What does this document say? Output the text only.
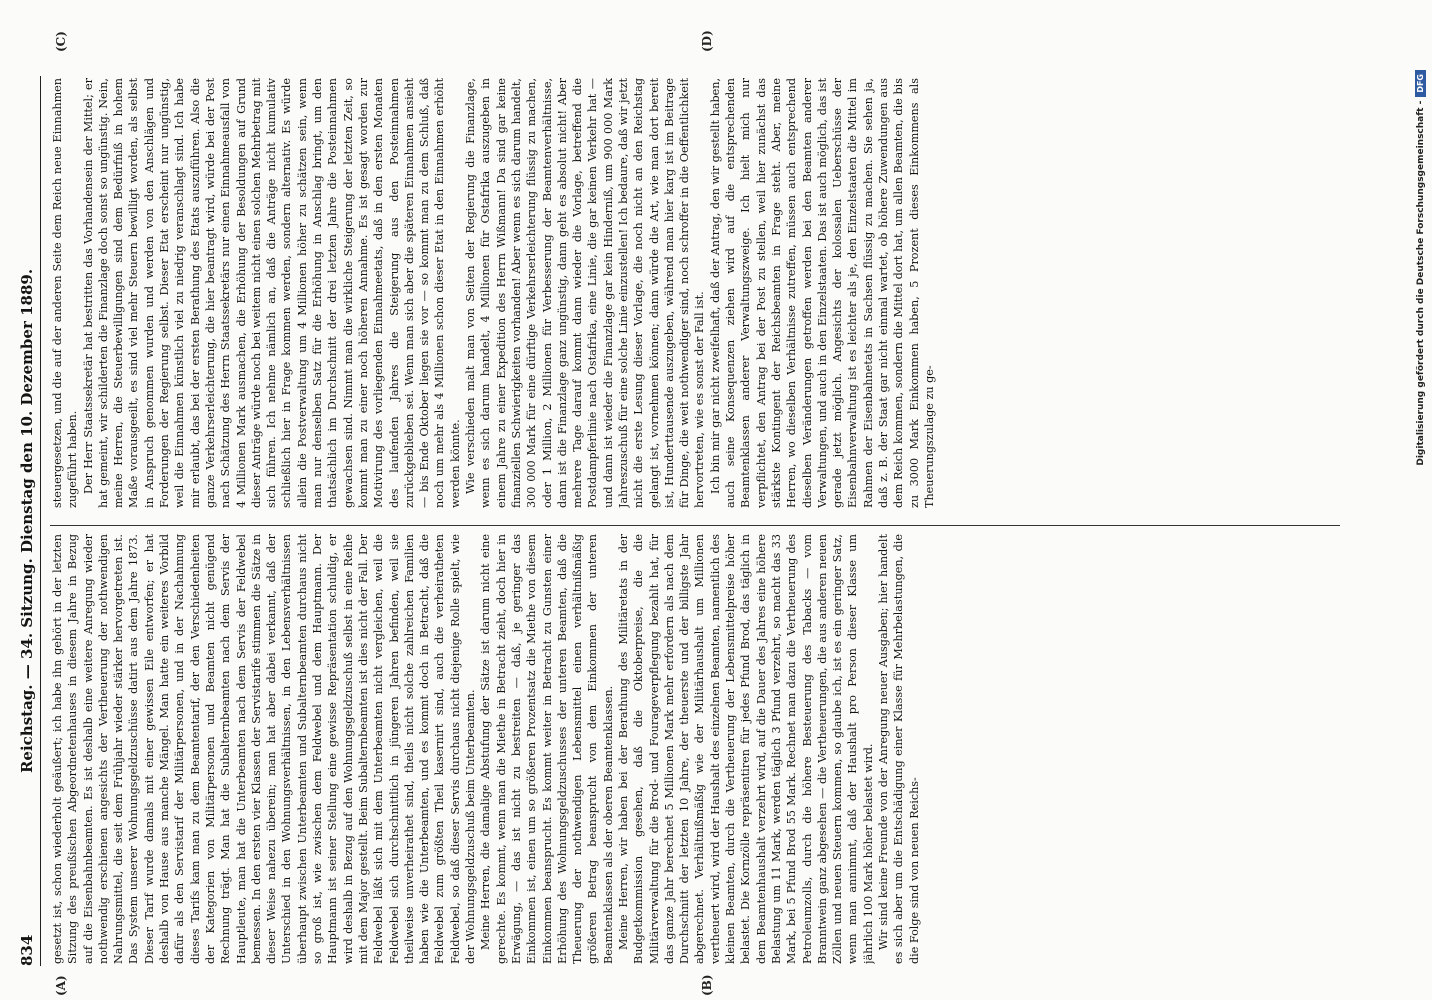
834
Reichstag. — 34. Sitzung. Dienstag den 10. Dezember 1889.
(A)	(B)
(C)	(D)

gesetzt ist, schon wiederholt geäußert; ich habe ihn gehört in der letzten Sitzung des preußischen Abgeordnetenhauses in diesem Jahre in Bezug auf die Eisenbahnbeamten. Es ist deshalb eine weitere Anregung wieder nothwendig erschienen angesichts der Vertheuerung der nothwendigen Nahrungsmittel, die seit dem Frühjahr wieder stärker hervorgetreten ist. Das System unserer Wohnungsgeldzuschüsse datirt aus dem Jahre 1873. Dieser Tarif wurde damals mit einer gewissen Eile entworfen; er hat deshalb von Hause aus manche Mängel. Man hatte ein weiteres Vorbild dafür als den Servistarif der Militärpersonen, und in der Nachahmung dieses Tarifs kam man zu dem Beamtentarif, der den Verschiedenheiten der Kategorien von Militärpersonen und Beamten nicht genügend Rechnung trägt. Man hat die Subalternbeamten nach dem Servis der Hauptleute, man hat die Unterbeamten nach dem Servis der Feldwebel bemessen. In den ersten vier Klassen der Servistarife stimmen die Sätze in dieser Weise nahezu überein; man hat aber dabei verkannt, daß der Unterschied in den Wohnungsverhältnissen, in den Lebensverhältnissen überhaupt zwischen Unterbeamten und Subalternbeamten durchaus nicht so groß ist, wie zwischen dem Feldwebel und dem Hauptmann. Der Hauptmann ist seiner Stellung eine gewisse Repräsentation schuldig, er wird deshalb in Bezug auf den Wohnungsgeldzuschuß selbst in eine Reihe mit dem Major gestellt. Beim Subalternbeamten ist dies nicht der Fall. Der Feldwebel läßt sich mit dem Unterbeamten nicht vergleichen, weil die Feldwebel sich durchschnittlich in jüngeren Jahren befinden, weil sie theilweise unverheirathet sind, theils nicht solche zahlreichen Familien haben wie die Unterbeamten, und es kommt doch in Betracht, daß die Feldwebel zum größten Theil kasernirt sind, auch die verheiratheten Feldwebel, so daß dieser Servis durchaus nicht diejenige Rolle spielt, wie der Wohnungsgeldzuschuß beim Unterbeamten. Meine Herren, die damalige Abstufung der Sätze ist darum nicht eine gerechte. Es kommt, wenn man die Miethe in Betracht zieht, doch hier in Erwägung, — das ist nicht zu bestreiten — daß, je geringer das Einkommen ist, einen um so größeren Prozentsatz die Miethe von diesem Einkommen beansprucht. Es kommt weiter in Betracht zu Gunsten einer Erhöhung des Wohnungsgeldzuschusses der unteren Beamten, daß die Theuerung der nothwendigen Lebensmittel einen verhältnißmäßig größeren Betrag beansprucht von dem Einkommen der unteren Beamtenklassen als der oberen Beamtenklassen. Meine Herren, wir haben bei der Berathung des Militäretats in der Budgetkommission gesehen, daß die Oktoberpreise, die die Militärverwaltung für die Brod- und Fourageverpflegung bezahlt hat, für das ganze Jahr berechnet 5 Millionen Mark mehr erfordern als nach dem Durchschnitt der letzten 10 Jahre, der theuerste und der billigste Jahr abgerechnet. Verhältnißmäßig wie der Militärhaushalt um Millionen vertheuert wird, wird der Haushalt des einzelnen Beamten, namentlich des kleinen Beamten, durch die Vertheuerung der Lebensmittelpreise höher belastet. Die Kornzölle repräsentiren für jedes Pfund Brod, das täglich in dem Beamtenhaushalt verzehrt wird, auf die Dauer des Jahres eine höhere Belastung um 11 Mark, werden täglich 3 Pfund verzehrt, so macht das 33 Mark, bei 5 Pfund Brod 55 Mark. Rechnet man dazu die Vertheuerung des Petroleumzolls, durch die höhere Besteuerung des Tabacks — vom Branntwein ganz abgesehen — die Vertheuerungen, die aus anderen neuen Zöllen und neuen Steuern kommen, so glaube ich, ist es ein geringer Satz, wenn man annimmt, daß der Haushalt pro Person dieser Klasse um jährlich 100 Mark höher belastet wird. Wir sind keine Freunde von der Anregung neuer Ausgaben; hier handelt es sich aber um die Entschädigung einer Klasse für Mehrbelastungen, die die Folge sind von neuen Reichs-

steuergesetzen, und die auf der anderen Seite dem Reich neue Einnahmen zugeführt haben. Der Herr Staatssekretär hat bestritten das Vorhandensein der Mittel; er hat gemeint, wir schilderten die Finanzlage doch sonst so ungünstig. Nein, meine Herren, die Steuerbewilligungen sind dem Bedürfniß in hohem Maße vorausgeeilt, es sind viel mehr Steuern bewilligt worden, als selbst in Anspruch genommen wurden und werden von den Anschlägen und Forderungen der Regierung selbst. Dieser Etat erscheint nur ungünstig, weil die Einnahmen künstlich viel zu niedrig veranschlagt sind. Ich habe mir erlaubt, das bei der ersten Berathung des Etats auszuführen. Also die ganze Verkehrserleichterung, die hier beantragt wird, würde bei der Post nach Schätzung des Herrn Staatssekretärs nur einen Einnahmeausfall von 4 Millionen Mark ausmachen, die Erhöhung der Besoldungen auf Grund dieser Anträge würde noch bei weitem nicht einen solchen Mehrbetrag mit sich führen. Ich nehme nämlich an, daß die Anträge nicht kumulativ schließlich hier in Frage kommen werden, sondern alternativ. Es würde allein die Postverwaltung um 4 Millionen höher zu schätzen sein, wenn man nur denselben Satz für die Erhöhung in Anschlag bringt, um den thatsächlich im Durchschnitt der drei letzten Jahre die Posteinnahmen gewachsen sind. Nimmt man die wirkliche Steigerung der letzten Zeit, so kommt man zu einer noch höheren Annahme. Es ist gesagt worden zur Motivirung des vorliegenden Einnahmeetats, daß in den ersten Monaten des laufenden Jahres die Steigerung aus den Posteinnahmen zurückgeblieben sei. Wenn man sich aber die späteren Einnahmen ansieht — bis Ende Oktober liegen sie vor — so kommt man zu dem Schluß, daß noch um mehr als 4 Millionen schon dieser Etat in den Einnahmen erhöht werden könnte. Wie verschieden malt man von Seiten der Regierung die Finanzlage, wenn es sich darum handelt, 4 Millionen für Ostafrika auszugeben in einem Jahre zu einer Expedition des Herrn Wißmann! Da sind gar keine finanziellen Schwierigkeiten vorhanden! Aber wenn es sich darum handelt, 300 000 Mark für eine dürftige Verkehrserleichterung flüssig zu machen, oder 1 Million, 2 Millionen für Verbesserung der Beamtenverhältnisse, dann ist die Finanzlage ganz ungünstig, dann geht es absolut nicht! Aber mehrere Tage darauf kommt dann wieder die Vorlage, betreffend die Postdampferlinie nach Ostafrika, eine Linie, die gar keinen Verkehr hat — und dann ist wieder die Finanzlage gar kein Hinderniß, um 900 000 Mark Jahreszuschuß für eine solche Linie einzustellen! Ich bedaure, daß wir jetzt nicht die erste Lesung dieser Vorlage, die noch nicht an den Reichstag gelangt ist, vornehmen können; dann würde die Art, wie man dort bereit ist, Hunderttausende auszugeben, während man hier karg ist im Beitrage für Dinge, die weit nothwendiger sind, noch schroffer in die Oeffentlichkeit hervortreten, wie es sonst der Fall ist. Ich bin mir gar nicht zweifelhaft, daß der Antrag, den wir gestellt haben, auch seine Konsequenzen ziehen wird auf die entsprechenden Beamtenklassen anderer Verwaltungszweige. Ich hielt mich nur verpflichtet, den Antrag bei der Post zu stellen, weil hier zunächst das stärkste Kontingent der Reichsbeamten in Frage steht. Aber, meine Herren, wo dieselben Verhältnisse zutreffen, müssen auch entsprechend dieselben Veränderungen getroffen werden bei den Beamten anderer Verwaltungen, und auch in den Einzelstaaten. Das ist auch möglich, das ist gerade jetzt möglich. Angesichts der kolossalen Ueberschüsse der Eisenbahnverwaltung ist es leichter als je, den Einzelstaaten die Mittel im Rahmen der Eisenbahnetats in Sachsen flüssig zu machen. Sie sehen ja, daß z. B. der Staat gar nicht einmal wartet, ob höhere Zuwendungen aus dem Reich kommen, sondern die Mittel dort hat, um allen Beamten, die bis zu 3000 Mark Einkommen haben, 5 Prozent dieses Einkommens als Theuerungszulage zu ge-	Digitalisierung gefördert durch die Deutsche Forschungsgemeinschaft -DFG
